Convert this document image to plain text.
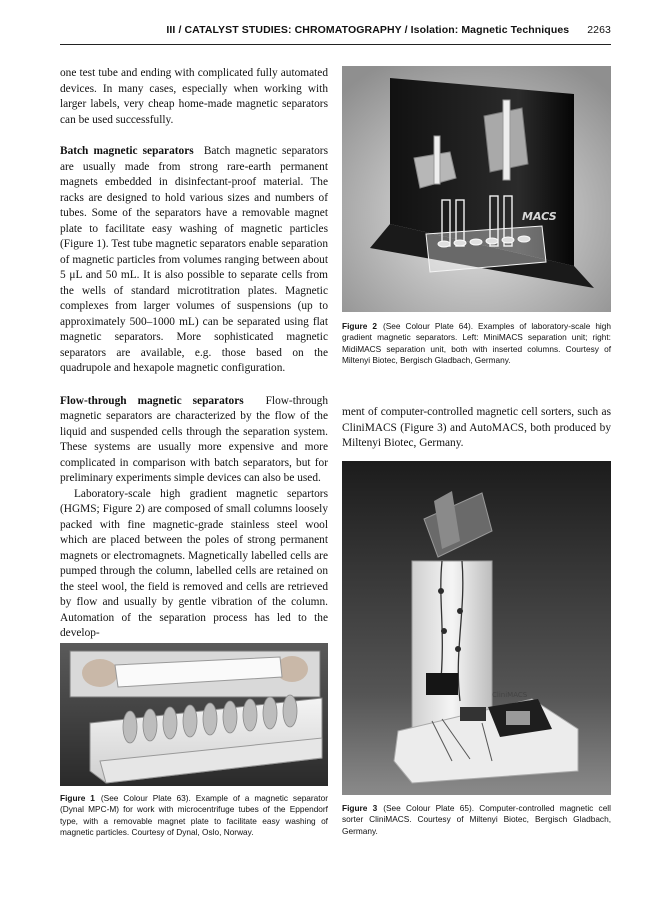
III / CATALYST STUDIES: CHROMATOGRAPHY / Isolation: Magnetic Techniques 2263

one test tube and ending with complicated fully automated devices. In many cases, especially when working with larger labels, very cheap home-made magnetic separators can be used successfully.

Batch magnetic separators Batch magnetic separators are usually made from strong rare-earth permanent magnets embedded in disinfectant-proof material. The racks are designed to hold various sizes and numbers of tubes. Some of the separators have a removable magnet plate to facilitate easy washing of magnetic particles (Figure 1). Test tube magnetic separators enable separation of magnetic particles from volumes ranging between about 5 μL and 50 mL. It is also possible to separate cells from the wells of standard microtitration plates. Magnetic complexes from larger volumes of suspensions (up to approximately 500–1000 mL) can be separated using flat magnetic separators. More sophisticated magnetic separators are available, e.g. those based on the quadrupole and hexapole magnetic configuration.

Flow-through magnetic separators Flow-through magnetic separators are characterized by the flow of the liquid and suspended cells through the separation system. These systems are usually more expensive and more complicated in comparison with batch separators, but for preliminary experiments simple devices can also be used.

Laboratory-scale high gradient magnetic separtors (HGMS; Figure 2) are composed of small columns loosely packed with fine magnetic-grade stainless steel wool which are placed between the poles of strong permanent magnets or electromagnets. Magnetically labelled cells are pumped through the column, labelled cells are retained on the steel wool, the field is removed and cells are retrieved by flow and usually by gentle vibration of the column. Automation of the separation process has led to the develop-

Figure 1 (See Colour Plate 63). Example of a magnetic separator (Dynal MPC-M) for work with microcentrifuge tubes of the Eppendorf type, with a removable magnet plate to facilitate easy washing of magnetic particles. Courtesy of Dynal, Oslo, Norway.
MACS
Figure 2 (See Colour Plate 64). Examples of laboratory-scale high gradient magnetic separators. Left: MiniMACS separation unit; right: MidiMACS separation unit, both with inserted columns. Courtesy of Miltenyi Biotec, Bergisch Gladbach, Germany.

ment of computer-controlled magnetic cell sorters, such as CliniMACS (Figure 3) and AutoMACS, both produced by Miltenyi Biotec, Germany.

CliniMACS
Figure 3 (See Colour Plate 65). Computer-controlled magnetic cell sorter CliniMACS. Courtesy of Miltenyi Biotec, Bergisch Gladbach, Germany.
